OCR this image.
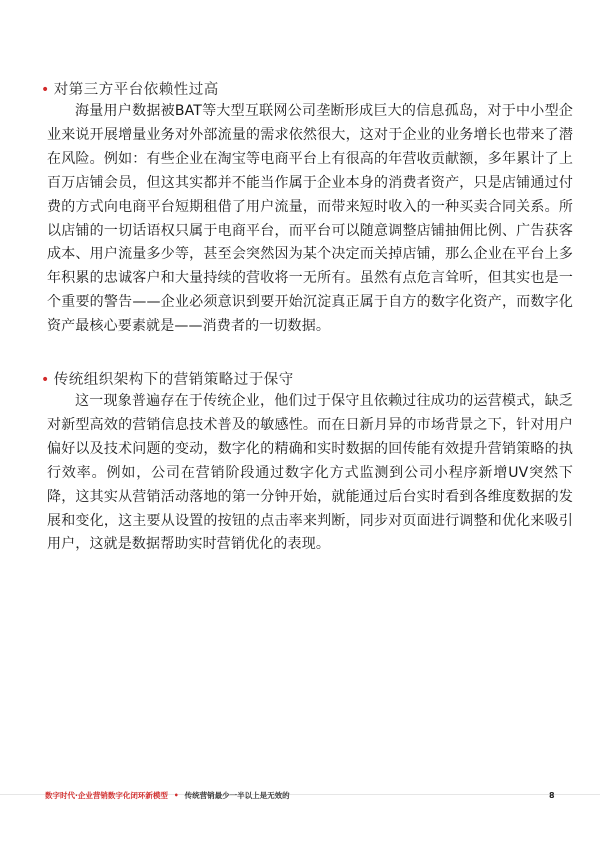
• 对第三方平台依赖性过高

海量用户数据被BAT等大型互联网公司垄断形成巨大的信息孤岛，对于中小型企业来说开展增量业务对外部流量的需求依然很大，这对于企业的业务增长也带来了潜在风险。例如：有些企业在淘宝等电商平台上有很高的年营收贡献额，多年累计了上百万店铺会员，但这其实都并不能当作属于企业本身的消费者资产，只是店铺通过付费的方式向电商平台短期租借了用户流量，而带来短时收入的一种买卖合同关系。所以店铺的一切话语权只属于电商平台，而平台可以随意调整店铺抽佣比例、广告获客成本、用户流量多少等，甚至会突然因为某个决定而关掉店铺，那么企业在平台上多年积累的忠诚客户和大量持续的营收将一无所有。虽然有点危言耸听，但其实也是一个重要的警告——企业必须意识到要开始沉淀真正属于自方的数字化资产，而数字化资产最核心要素就是——消费者的一切数据。

• 传统组织架构下的营销策略过于保守

这一现象普遍存在于传统企业，他们过于保守且依赖过往成功的运营模式，缺乏对新型高效的营销信息技术普及的敏感性。而在日新月异的市场背景之下，针对用户偏好以及技术问题的变动，数字化的精确和实时数据的回传能有效提升营销策略的执行效率。例如，公司在营销阶段通过数字化方式监测到公司小程序新增UV突然下降，这其实从营销活动落地的第一分钟开始，就能通过后台实时看到各维度数据的发展和变化，这主要从设置的按钮的点击率来判断，同步对页面进行调整和优化来吸引用户，这就是数据帮助实时营销优化的表现。

数字时代·企业营销数字化闭环新模型 • 传统营销最少一半以上是无效的	8
